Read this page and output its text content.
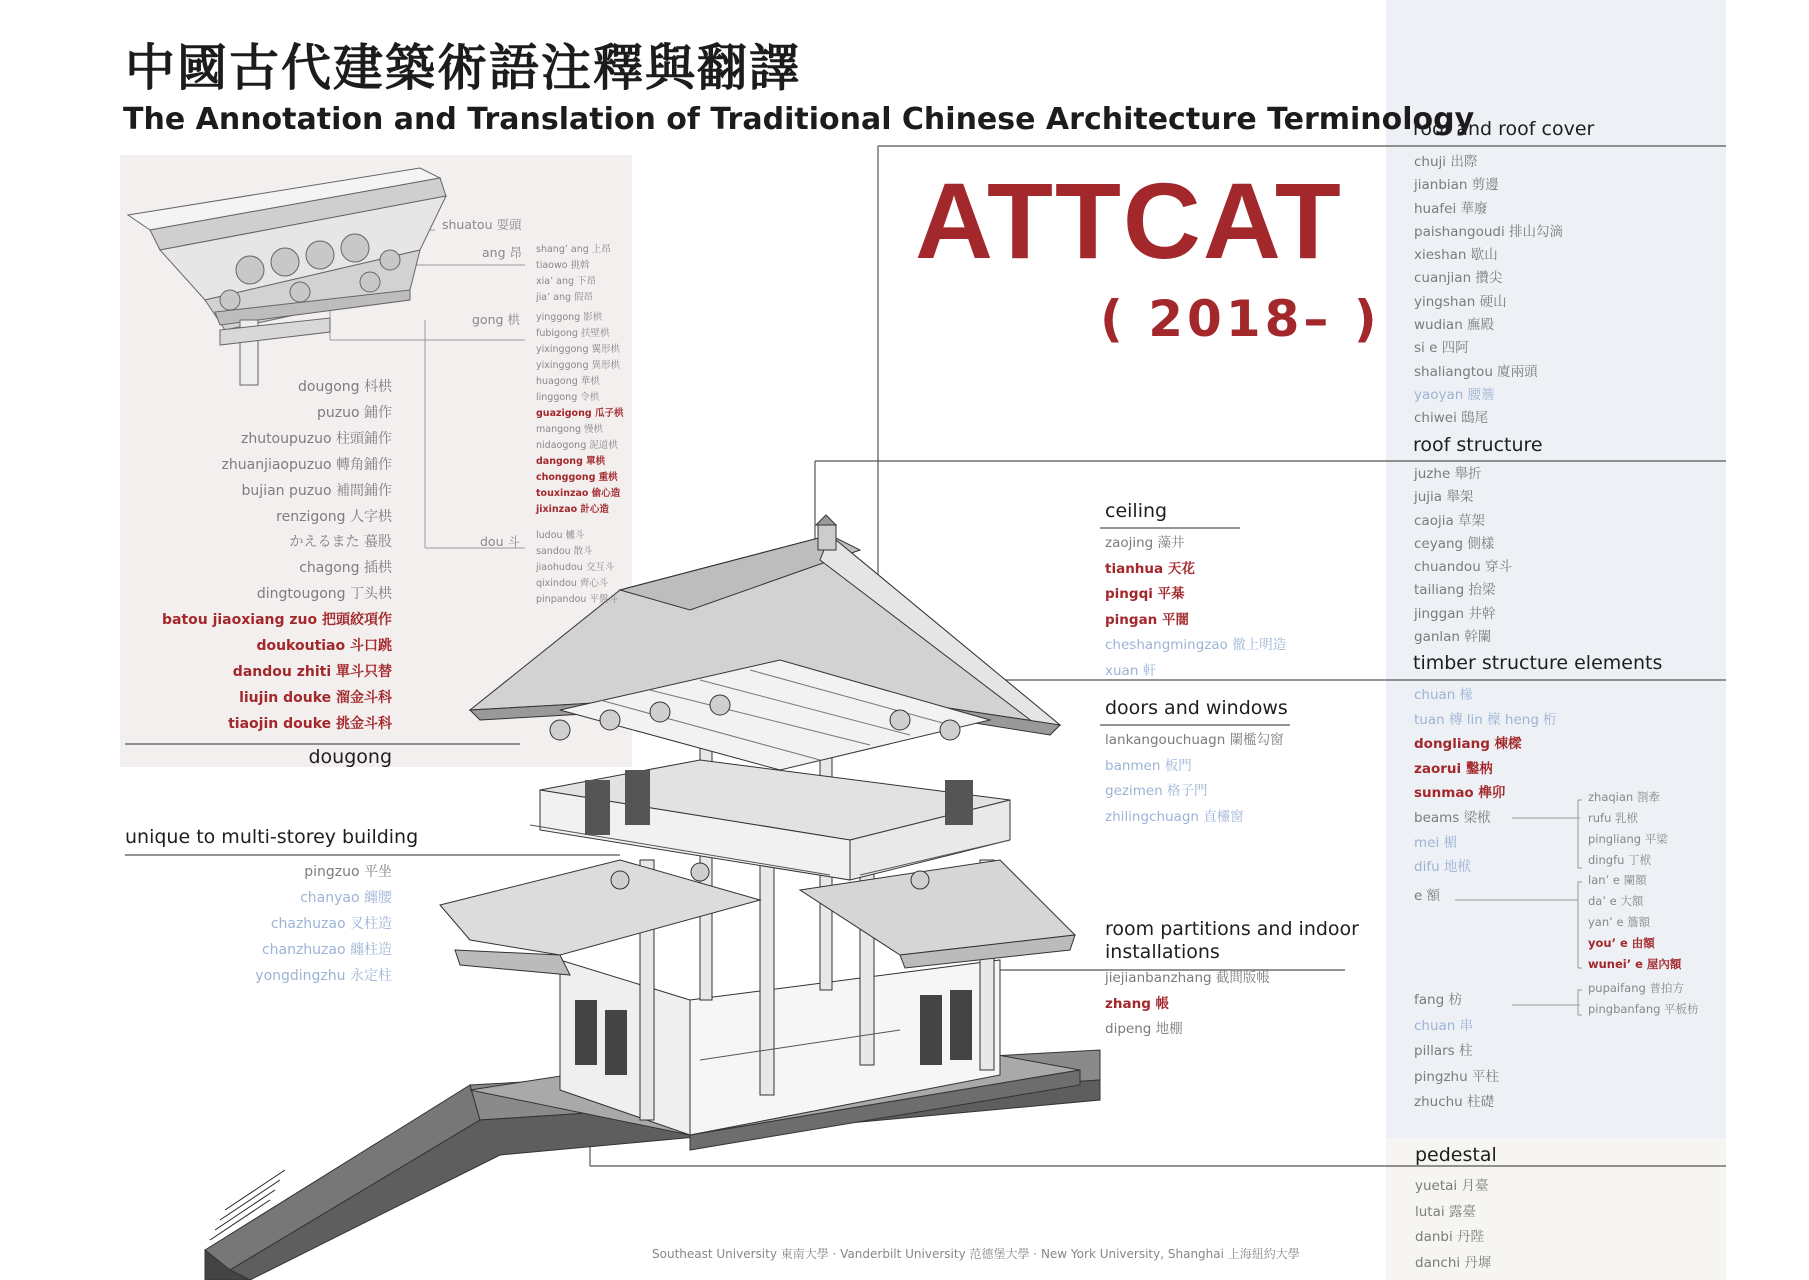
中國古代建築術語注釋與翻譯
The Annotation and Translation of Traditional Chinese Architecture Terminology
ATTCAT
( 2018– )
shuatou 耍頭
ang 昂
gong 栱
dou 斗
shang’ ang 上昂
tiaowo 挑斡
xia’ ang 下昂
jia’ ang 假昂
yinggong 影栱
fubigong 扶壁栱
yixinggong 翼形栱
yixinggong 異形栱
huagong 華栱
linggong 令栱
guazigong 瓜子栱
mangong 慢栱
nidaogong 泥道栱
dangong 單栱
chonggong 重栱
touxinzao 偷心造
jixinzao 計心造
ludou 櫨斗
sandou 散斗
jiaohudou 交互斗
qixindou 齊心斗
pinpandou 平盤斗
dougong 枓栱
puzuo 鋪作
zhutoupuzuo 柱頭鋪作
zhuanjiaopuzuo 轉角鋪作
bujian puzuo 補間鋪作
renzigong 人字栱
かえるまた 蟇股
chagong 插栱
dingtougong 丁头栱
batou jiaoxiang zuo 把頭絞項作
doukoutiao 斗口跳
dandou zhiti 單斗只替
liujin douke 溜金斗科
tiaojin douke 挑金斗科
dougong
unique to multi-storey building
pingzuo 平坐
chanyao 纏腰
chazhuzao 叉柱造
chanzhuzao 纏柱造
yongdingzhu 永定柱
ceiling
zaojing 藻井
tianhua 天花
pingqi 平棊
pingan 平闇
cheshangmingzao 徹上明造
xuan 軒
doors and windows
lankangouchuagn 闌檻勾窗
banmen 板門
gezimen 格子門
zhilingchuagn 直欞窗
room partitions and indoor
installations
jiejianbanzhang 截間版帳
zhang 帳
dipeng 地棚
roof and roof cover
chuji 出際
jianbian 剪邊
huafei 華廢
paishangoudi 排山勾滴
xieshan 歇山
cuanjian 攢尖
yingshan 硬山
wudian 廡殿
si e 四阿
shaliangtou 廈兩頭
yaoyan 腰簷
chiwei 鴟尾
roof structure
juzhe 舉折
jujia 舉架
caojia 草架
ceyang 側樣
chuandou 穿斗
tailiang 抬梁
jinggan 井幹
ganlan 幹闌
timber structure elements
chuan 椽
tuan 槫 lin 檁 heng 桁
dongliang 棟樑
zaorui 鑿枘
sunmao 榫卯
beams 梁栿
mei 楣
difu 地栿
e 額
fang 枋
chuan 串
pillars 柱
pingzhu 平柱
zhuchu 柱礎
zhaqian 劄牽
rufu 乳栿
pingliang 平梁
dingfu 丁栿
lan’ e 闌額
da’ e 大額
yan’ e 簷額
you’ e 由額
wunei’ e 屋內額
pupaifang 普拍方
pingbanfang 平板枋
pedestal
yuetai 月臺
lutai 露臺
danbi 丹陛
danchi 丹墀
Southeast University 東南大學 · Vanderbilt University 范德堡大學 · New York University, Shanghai 上海紐約大學
